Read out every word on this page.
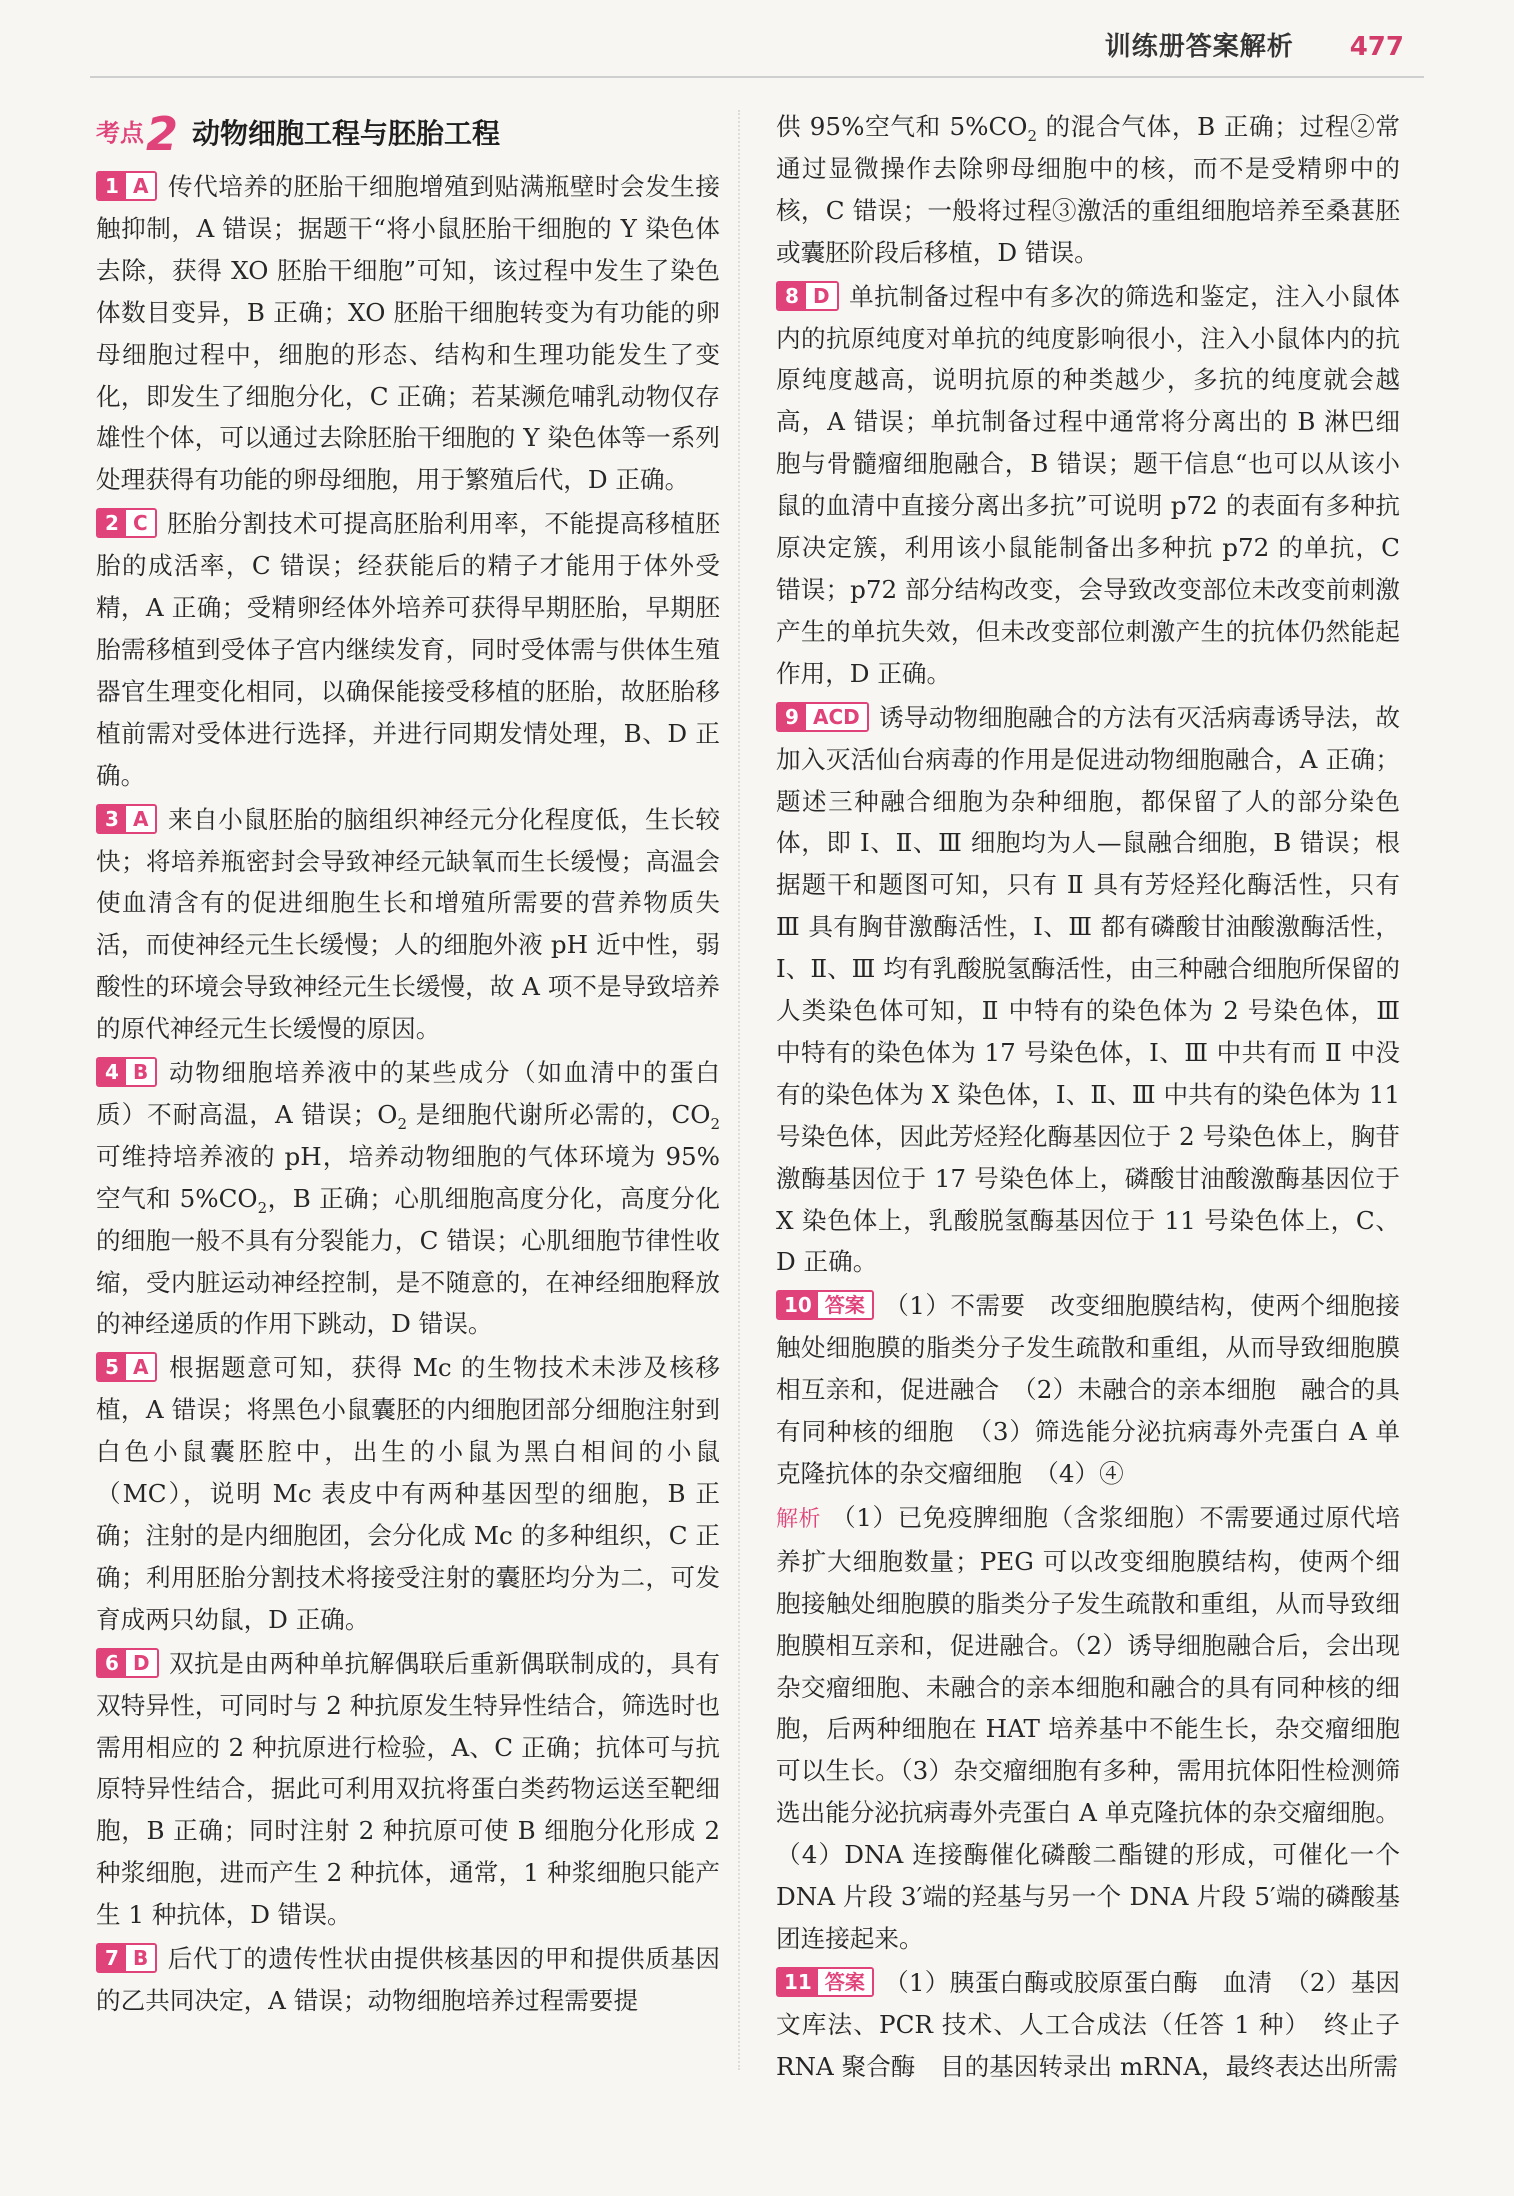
训练册答案解析 477
考点 2 动物细胞工程与胚胎工程

1 A 传代培养的胚胎干细胞增殖到贴满瓶壁时会发生接触抑制，A 错误；据题干“将小鼠胚胎干细胞的 Y 染色体去除，获得 XO 胚胎干细胞”可知，该过程中发生了染色体数目变异，B 正确；XO 胚胎干细胞转变为有功能的卵母细胞过程中，细胞的形态、结构和生理功能发生了变化，即发生了细胞分化，C 正确；若某濒危哺乳动物仅存雄性个体，可以通过去除胚胎干细胞的 Y 染色体等一系列处理获得有功能的卵母细胞，用于繁殖后代，D 正确。

2 C 胚胎分割技术可提高胚胎利用率，不能提高移植胚胎的成活率，C 错误；经获能后的精子才能用于体外受精，A 正确；受精卵经体外培养可获得早期胚胎，早期胚胎需移植到受体子宫内继续发育，同时受体需与供体生殖器官生理变化相同，以确保能接受移植的胚胎，故胚胎移植前需对受体进行选择，并进行同期发情处理，B、D 正确。

3 A 来自小鼠胚胎的脑组织神经元分化程度低，生长较快；将培养瓶密封会导致神经元缺氧而生长缓慢；高温会使血清含有的促进细胞生长和增殖所需要的营养物质失活，而使神经元生长缓慢；人的细胞外液 pH 近中性，弱酸性的环境会导致神经元生长缓慢，故 A 项不是导致培养的原代神经元生长缓慢的原因。

4 B 动物细胞培养液中的某些成分（如血清中的蛋白质）不耐高温，A 错误；$O_2$ 是细胞代谢所必需的，$CO_2$ 可维持培养液的 pH，培养动物细胞的气体环境为 95% 空气和 $5\%CO_2$，B 正确；心肌细胞高度分化，高度分化的细胞一般不具有分裂能力，C 错误；心肌细胞节律性收缩，受内脏运动神经控制，是不随意的，在神经细胞释放的神经递质的作用下跳动，D 错误。

5 A 根据题意可知，获得 Mc 的生物技术未涉及核移植，A 错误；将黑色小鼠囊胚的内细胞团部分细胞注射到白色小鼠囊胚腔中，出生的小鼠为黑白相间的小鼠（MC），说明 Mc 表皮中有两种基因型的细胞，B 正确；注射的是内细胞团，会分化成 Mc 的多种组织，C 正确；利用胚胎分割技术将接受注射的囊胚均分为二，可发育成两只幼鼠，D 正确。

6 D 双抗是由两种单抗解偶联后重新偶联制成的，具有双特异性，可同时与 2 种抗原发生特异性结合，筛选时也需用相应的 2 种抗原进行检验，A、C 正确；抗体可与抗原特异性结合，据此可利用双抗将蛋白类药物运送至靶细胞，B 正确；同时注射 2 种抗原可使 B 细胞分化形成 2 种浆细胞，进而产生 2 种抗体，通常，1 种浆细胞只能产生 1 种抗体，D 错误。

7 B 后代丁的遗传性状由提供核基因的甲和提供质基因的乙共同决定，A 错误；动物细胞培养过程需要提

供 95%空气和 $5\%CO_2$ 的混合气体，B 正确；过程②常通过显微操作去除卵母细胞中的核，而不是受精卵中的核，C 错误；一般将过程③激活的重组细胞培养至桑葚胚或囊胚阶段后移植，D 错误。

8 D 单抗制备过程中有多次的筛选和鉴定，注入小鼠体内的抗原纯度对单抗的纯度影响很小，注入小鼠体内的抗原纯度越高，说明抗原的种类越少，多抗的纯度就会越高，A 错误；单抗制备过程中通常将分离出的 B 淋巴细胞与骨髓瘤细胞融合，B 错误；题干信息“也可以从该小鼠的血清中直接分离出多抗”可说明 p72 的表面有多种抗原决定簇，利用该小鼠能制备出多种抗 p72 的单抗，C 错误；p72 部分结构改变，会导致改变部位未改变前刺激产生的单抗失效，但未改变部位刺激产生的抗体仍然能起作用，D 正确。

9 ACD 诱导动物细胞融合的方法有灭活病毒诱导法，故加入灭活仙台病毒的作用是促进动物细胞融合，A 正确；题述三种融合细胞为杂种细胞，都保留了人的部分染色体，即 Ⅰ、Ⅱ、Ⅲ 细胞均为人—鼠融合细胞，B 错误；根据题干和题图可知，只有 Ⅱ 具有芳烃羟化酶活性，只有 Ⅲ 具有胸苷激酶活性，Ⅰ、Ⅲ 都有磷酸甘油酸激酶活性，Ⅰ、Ⅱ、Ⅲ 均有乳酸脱氢酶活性，由三种融合细胞所保留的人类染色体可知，Ⅱ 中特有的染色体为 2 号染色体，Ⅲ 中特有的染色体为 17 号染色体，Ⅰ、Ⅲ 中共有而 Ⅱ 中没有的染色体为 X 染色体，Ⅰ、Ⅱ、Ⅲ 中共有的染色体为 11 号染色体，因此芳烃羟化酶基因位于 2 号染色体上，胸苷激酶基因位于 17 号染色体上，磷酸甘油酸激酶基因位于 X 染色体上，乳酸脱氢酶基因位于 11 号染色体上，C、D 正确。

10 答案 （1）不需要　改变细胞膜结构，使两个细胞接触处细胞膜的脂类分子发生疏散和重组，从而导致细胞膜相互亲和，促进融合　（2）未融合的亲本细胞　融合的具有同种核的细胞　（3）筛选能分泌抗病毒外壳蛋白 A 单克隆抗体的杂交瘤细胞　（4）④

解析 （1）已免疫脾细胞（含浆细胞）不需要通过原代培养扩大细胞数量；PEG 可以改变细胞膜结构，使两个细胞接触处细胞膜的脂类分子发生疏散和重组，从而导致细胞膜相互亲和，促进融合。（2）诱导细胞融合后，会出现杂交瘤细胞、未融合的亲本细胞和融合的具有同种核的细胞，后两种细胞在 HAT 培养基中不能生长，杂交瘤细胞可以生长。（3）杂交瘤细胞有多种，需用抗体阳性检测筛选出能分泌抗病毒外壳蛋白 A 单克隆抗体的杂交瘤细胞。（4）DNA 连接酶催化磷酸二酯键的形成，可催化一个 DNA 片段 3′端的羟基与另一个 DNA 片段 5′端的磷酸基团连接起来。

11 答案 （1）胰蛋白酶或胶原蛋白酶　血清　（2）基因文库法、PCR 技术、人工合成法（任答 1 种）　终止子　RNA 聚合酶　目的基因转录出 mRNA，最终表达出所需
